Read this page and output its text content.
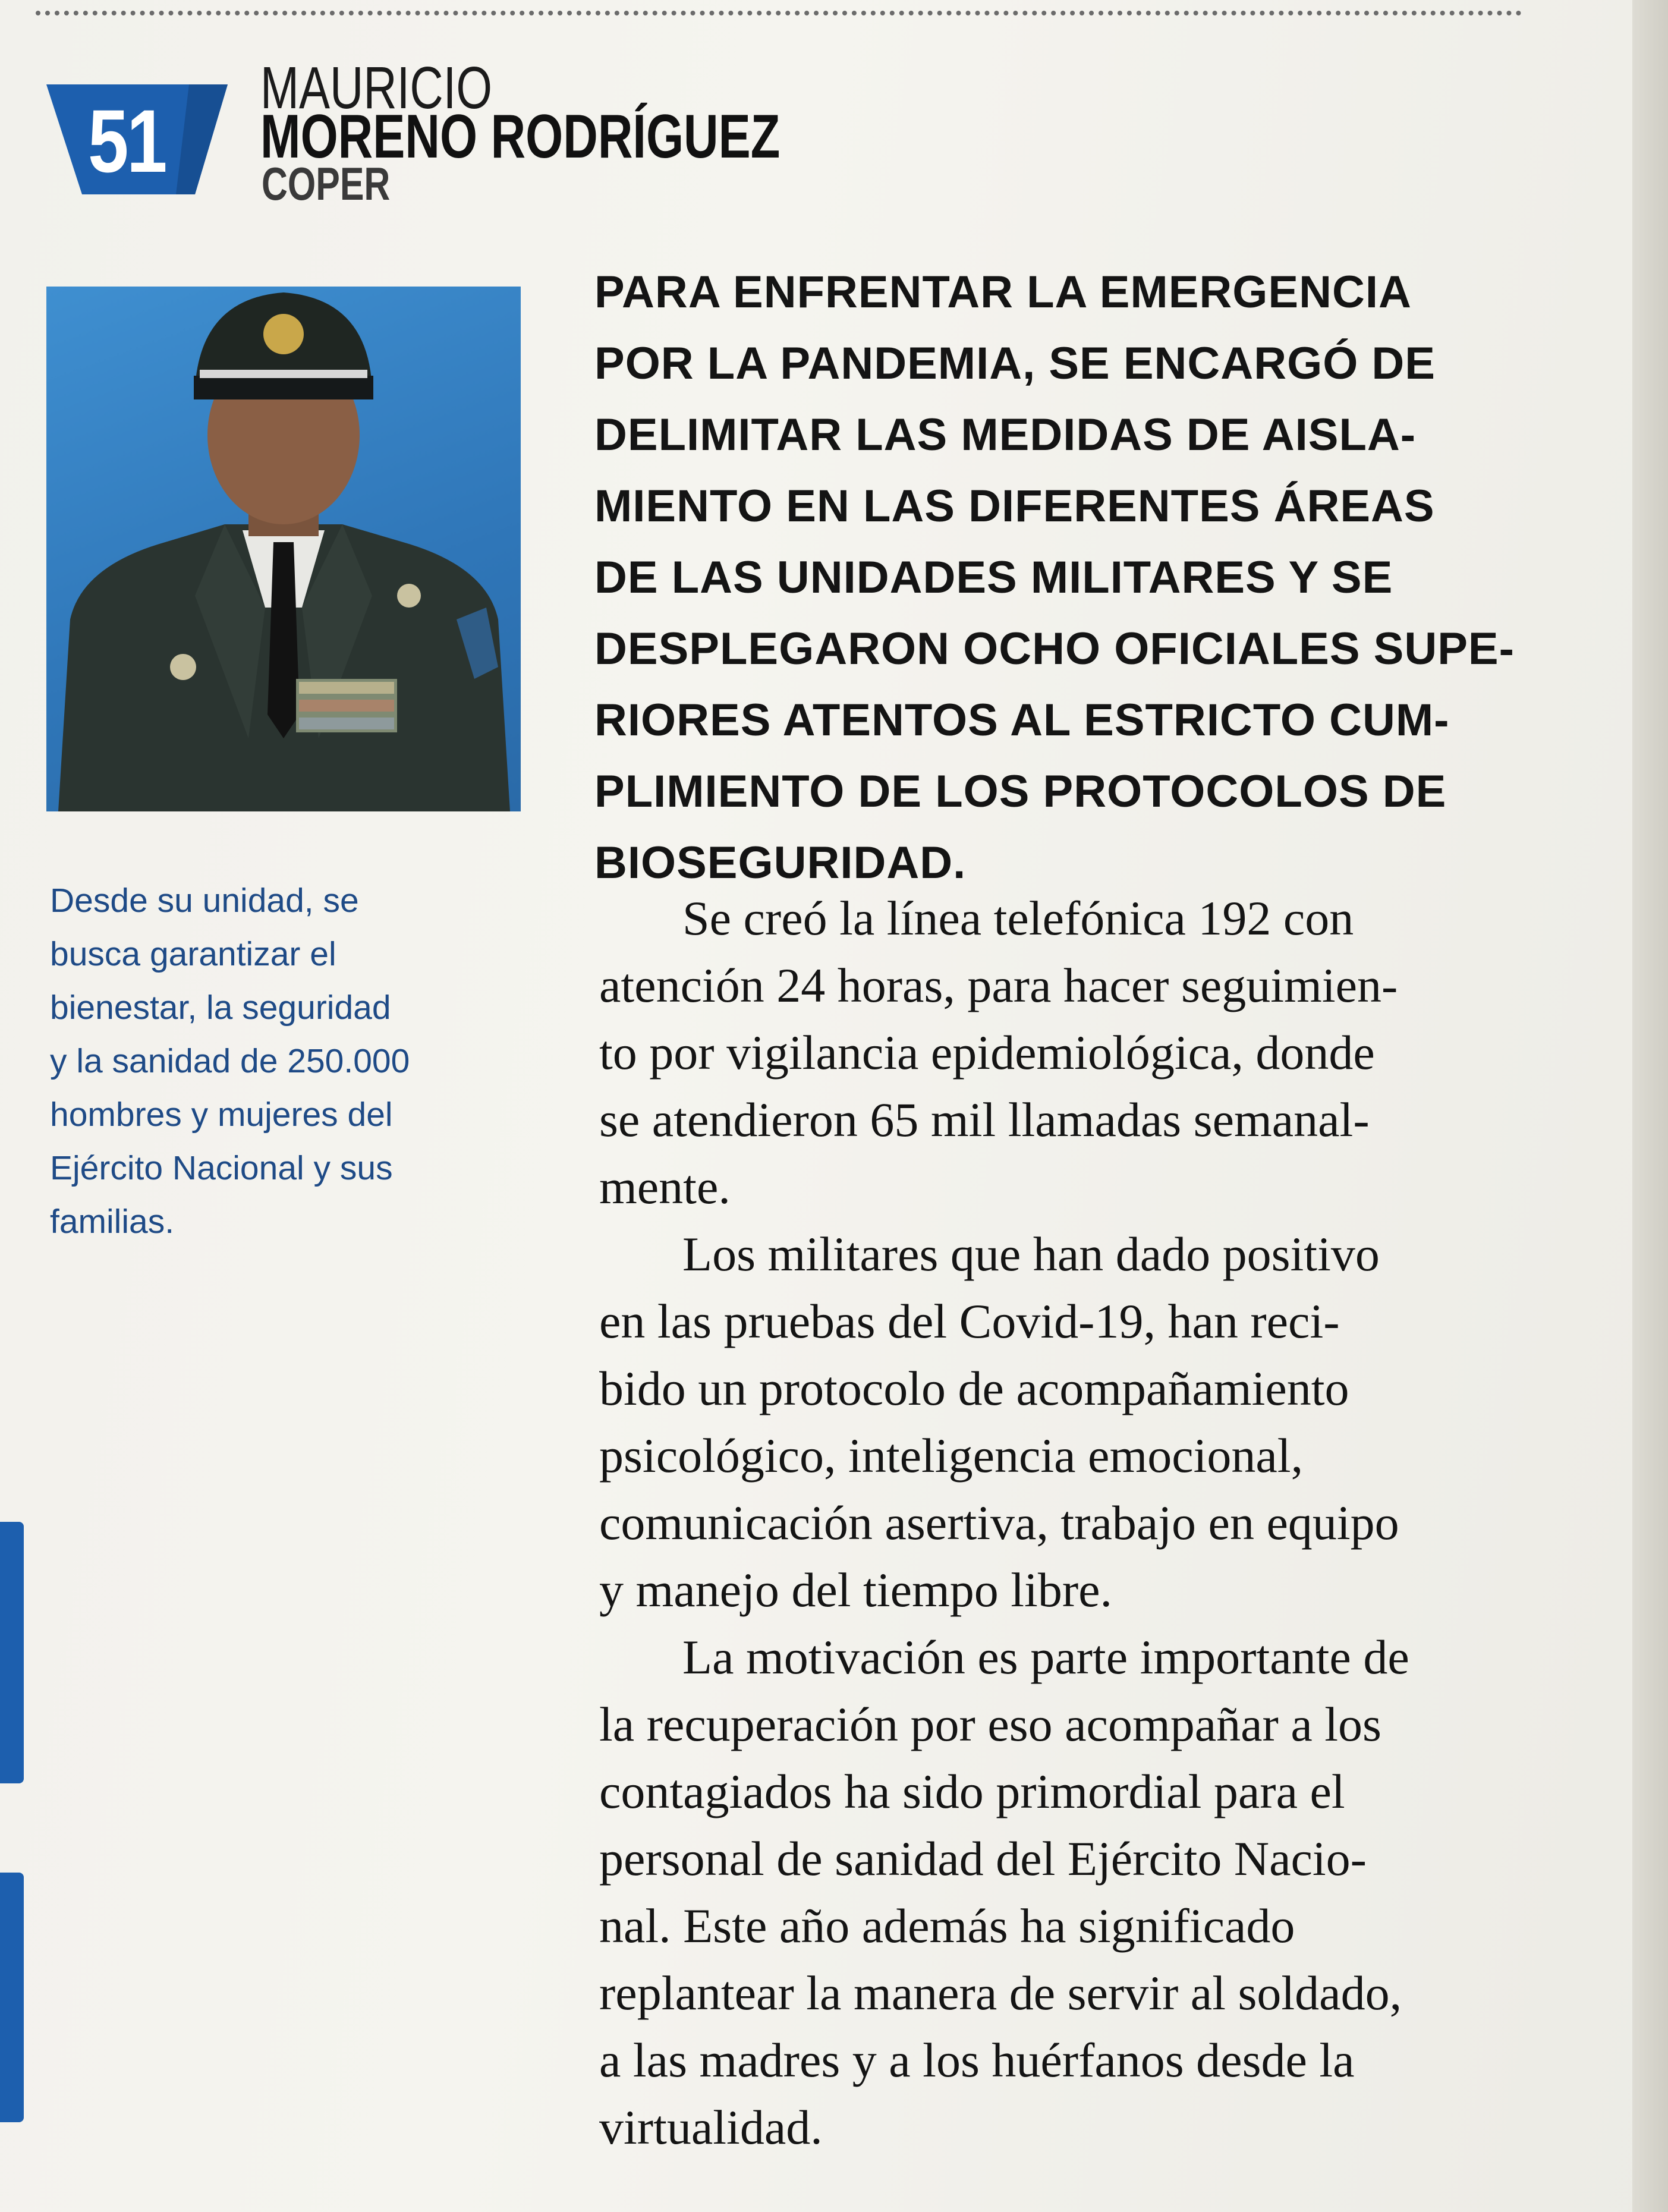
51
MAURICIO
MORENO RODRÍGUEZ
COPER

Desde su unidad, se

busca garantizar el

bienestar, la seguridad

y la sanidad de 250.000

hombres y mujeres del

Ejército Nacional y sus

familias.

PARA ENFRENTAR LA EMERGENCIA
POR LA PANDEMIA, SE ENCARGÓ DE
DELIMITAR LAS MEDIDAS DE AISLA-
MIENTO EN LAS DIFERENTES ÁREAS
DE LAS UNIDADES MILITARES Y SE
DESPLEGARON OCHO OFICIALES SUPE-
RIORES ATENTOS AL ESTRICTO CUM-
PLIMIENTO DE LOS PROTOCOLOS DE
BIOSEGURIDAD.
Se creó la línea telefónica 192 con
atención 24 horas, para hacer seguimien-
to por vigilancia epidemiológica, donde
se atendieron 65 mil llamadas semanal-
mente.
Los militares que han dado positivo
en las pruebas del Covid-19, han reci-
bido un protocolo de acompañamiento
psicológico, inteligencia emocional,
comunicación asertiva, trabajo en equipo
y manejo del tiempo libre.
La motivación es parte importante de
la recuperación por eso acompañar a los
contagiados ha sido primordial para el
personal de sanidad del Ejército Nacio-
nal. Este año además ha significado
replantear la manera de servir al soldado,
a las madres y a los huérfanos desde la
virtualidad.
